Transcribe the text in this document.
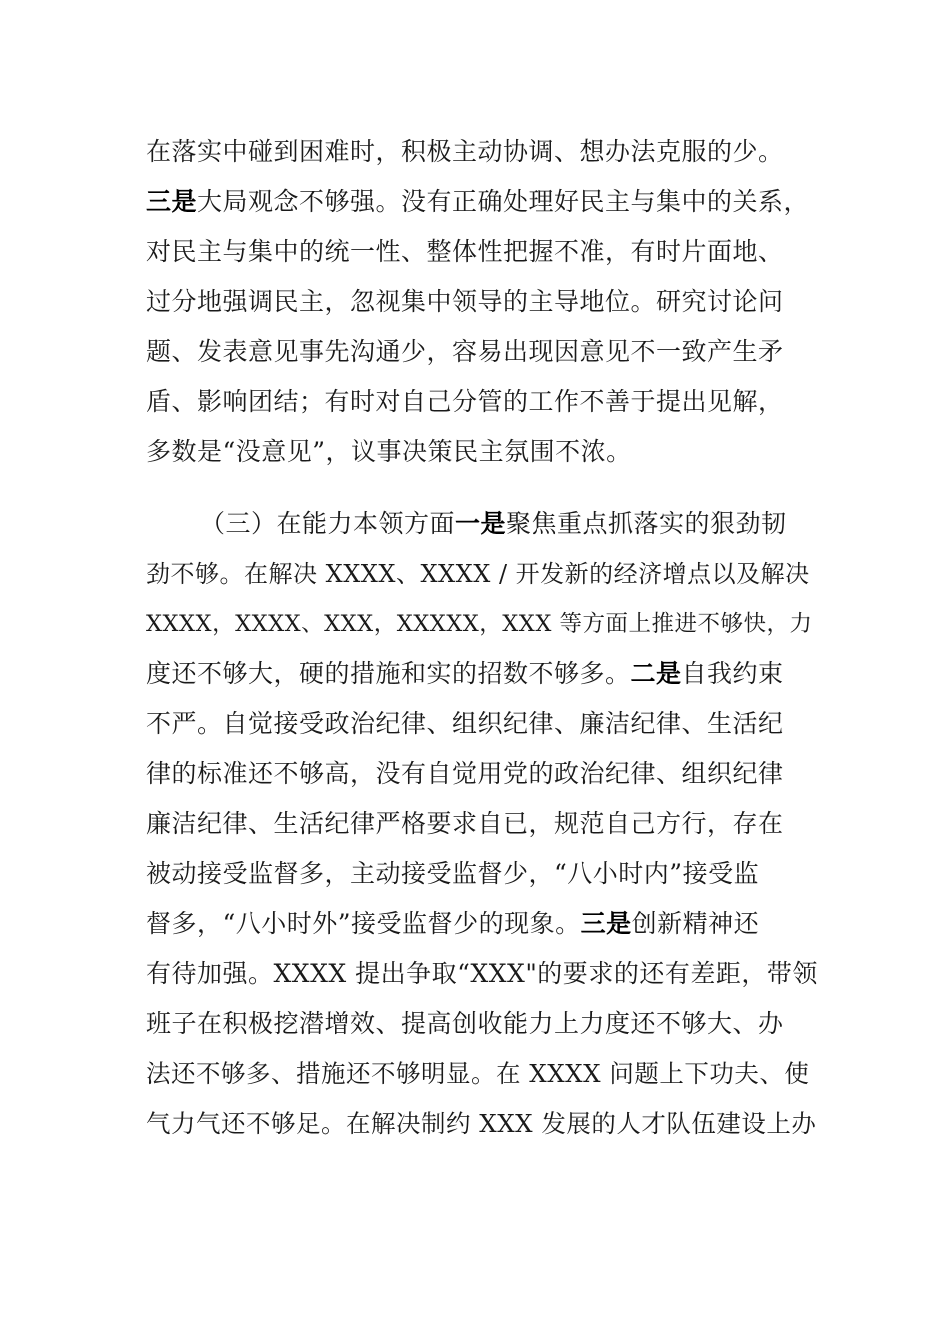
在落实中碰到困难时，积极主动协调、想办法克服的少。
三是大局观念不够强。没有正确处理好民主与集中的关系，
对民主与集中的统一性、整体性把握不准，有时片面地、
过分地强调民主，忽视集中领导的主导地位。研究讨论问
题、发表意见事先沟通少，容易出现因意见不一致产生矛
盾、影响团结；有时对自己分管的工作不善于提出见解，
多数是“没意见”，议事决策民主氛围不浓。
（三）在能力本领方面一是聚焦重点抓落实的狠劲韧
劲不够。在解决 XXXX、XXXX / 开发新的经济增点以及解决
XXXX，XXXX、XXX，XXXXX，XXX 等方面上推进不够快，力
度还不够大，硬的措施和实的招数不够多。二是自我约束
不严。自觉接受政治纪律、组织纪律、廉洁纪律、生活纪
律的标准还不够高，没有自觉用党的政治纪律、组织纪律
廉洁纪律、生活纪律严格要求自已，规范自己方行，存在
被动接受监督多，主动接受监督少，“八小时内”接受监
督多，“八小时外”接受监督少的现象。三是创新精神还
有待加强。XXXX 提出争取“XXX"的要求的还有差距，带领
班子在积极挖潜增效、提高创收能力上力度还不够大、办
法还不够多、措施还不够明显。在 XXXX 问题上下功夫、使
气力气还不够足。在解决制约 XXX 发展的人才队伍建设上办
